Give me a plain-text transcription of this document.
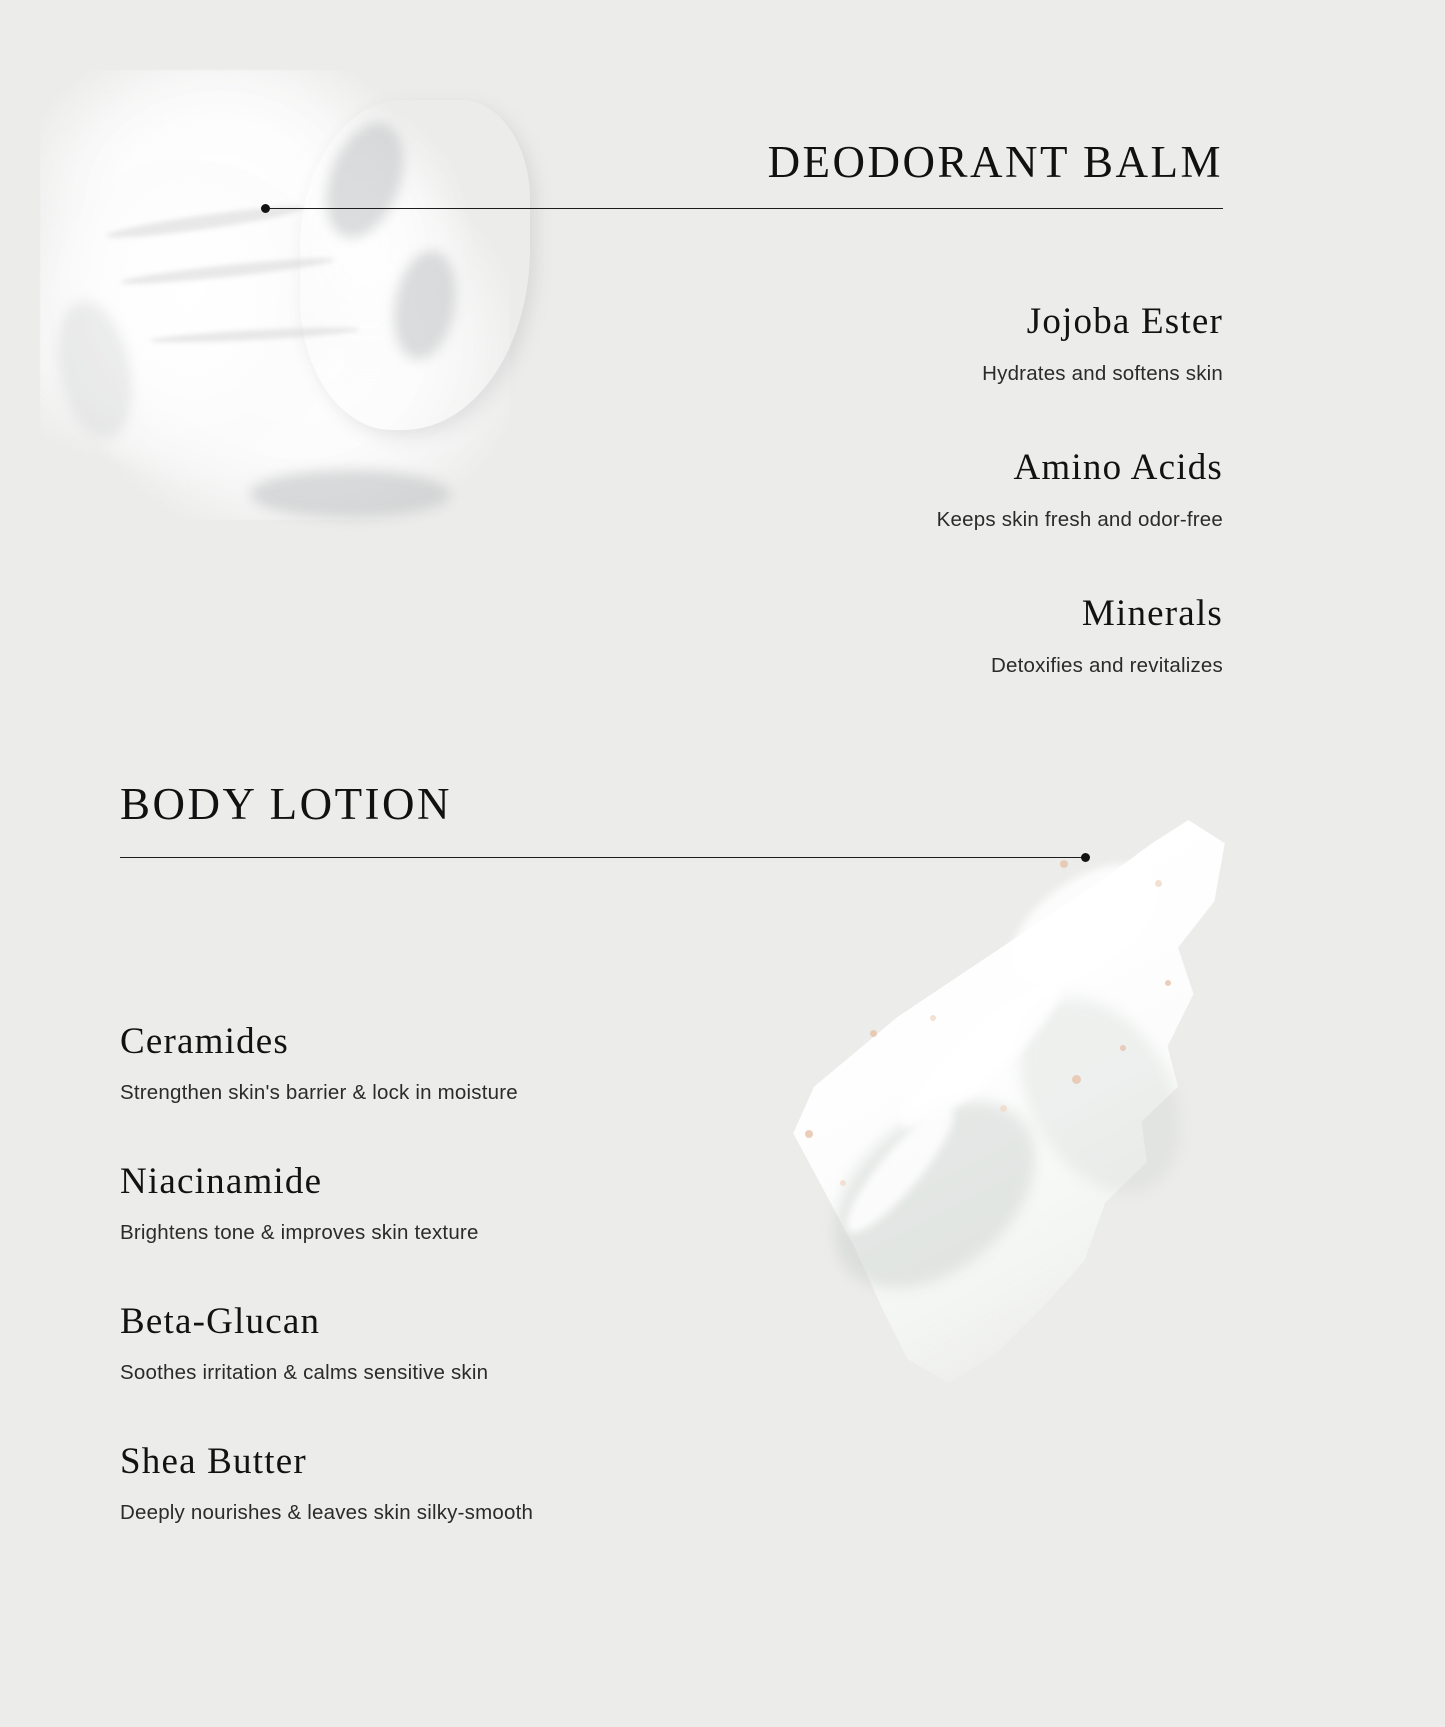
DEODORANT BALM
Jojoba Ester
Hydrates and softens skin
Amino Acids
Keeps skin fresh and odor-free
Minerals
Detoxifies and revitalizes
BODY LOTION
Ceramides
Strengthen skin's barrier & lock in moisture
Niacinamide
Brightens tone & improves skin texture
Beta-Glucan
Soothes irritation & calms sensitive skin
Shea Butter
Deeply nourishes & leaves skin silky-smooth
